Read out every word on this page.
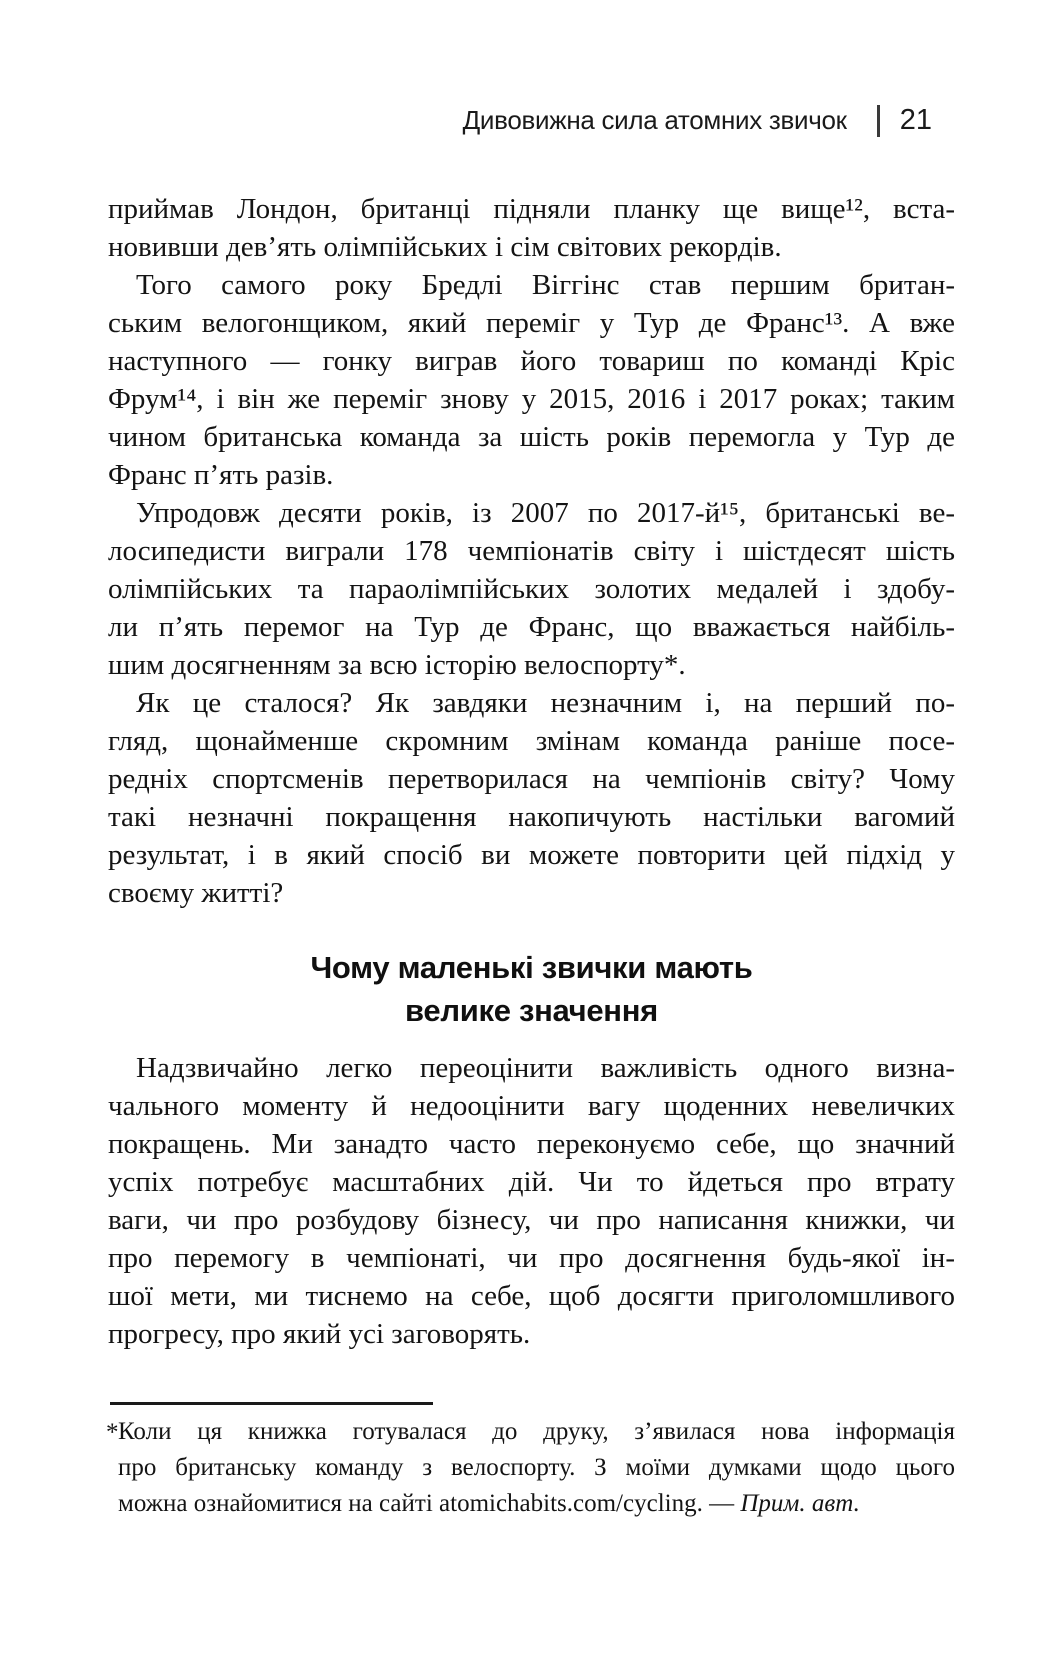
Дивовижна сила атомних звичок 21
приймав Лондон, британці підняли планку ще вище¹², вста-
новивши дев’ять олімпійських і сім світових рекордів.
Того самого року Бредлі Віггінс став першим британ-
ським велогонщиком, який переміг у Тур де Франс¹³. А вже
наступного — гонку виграв його товариш по команді Кріс
Фрум¹⁴, і він же переміг знову у 2015, 2016 і 2017 роках; таким
чином британська команда за шість років перемогла у Тур де
Франс п’ять разів.
Упродовж десяти років, із 2007 по 2017-й¹⁵, британські ве-
лосипедисти виграли 178 чемпіонатів світу і шістдесят шість
олімпійських та параолімпійських золотих медалей і здобу-
ли п’ять перемог на Тур де Франс, що вважається найбіль-
шим досягненням за всю історію велоспорту*.
Як це сталося? Як завдяки незначним і, на перший по-
гляд, щонайменше скромним змінам команда раніше посе-
редніх спортсменів перетворилася на чемпіонів світу? Чому
такі незначні покращення накопичують настільки вагомий
результат, і в який спосіб ви можете повторити цей підхід у
своєму житті?
Чому маленькі звички мають
велике значення
Надзвичайно легко переоцінити важливість одного визна-
чального моменту й недооцінити вагу щоденних невеличких
покращень. Ми занадто часто переконуємо себе, що значний
успіх потребує масштабних дій. Чи то йдеться про втрату
ваги, чи про розбудову бізнесу, чи про написання книжки, чи
про перемогу в чемпіонаті, чи про досягнення будь-якої ін-
шої мети, ми тиснемо на себе, щоб досягти приголомшливого
прогресу, про який усі заговорять.
* Коли ця книжка готувалася до друку, з’явилася нова інформація
про британську команду з велоспорту. З моїми думками щодо цього
можна ознайомитися на сайті atomichabits.com/cycling. — Прим. авт.
